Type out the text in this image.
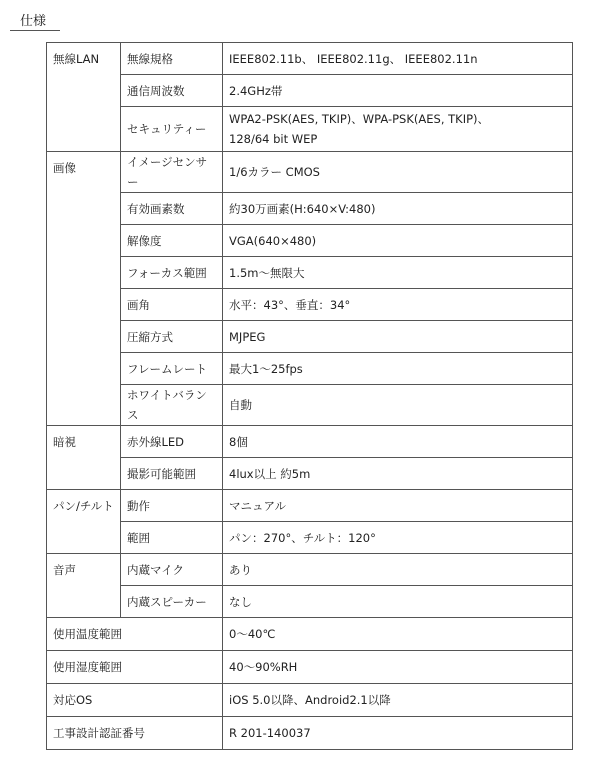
仕様
無線LAN	無線規格	IEEE802.11b、 IEEE802.11g、 IEEE802.11n
	通信周波数	2.4GHz帯
	セキュリティー	WPA2-PSK(AES, TKIP)、WPA-PSK(AES, TKIP)、
128/64 bit WEP
画像	イメージセンサー	1/6カラー CMOS
	有効画素数	約30万画素(H:640×V:480)
	解像度	VGA(640×480)
	フォーカス範囲	1.5m～無限大
	画角	水平：43°、垂直：34°
	圧縮方式	MJPEG
	フレームレート	最大1～25fps
	ホワイトバランス	自動
暗視	赤外線LED	8個
	撮影可能範囲	4lux以上 約5m
パン/チルト	動作	マニュアル
	範囲	パン：270°、チルト：120°
音声	内蔵マイク	あり
	内蔵スピーカー	なし
使用温度範囲		0～40℃
使用湿度範囲		40～90%RH
対応OS		iOS 5.0以降、Android2.1以降
工事設計認証番号		R 201-140037
